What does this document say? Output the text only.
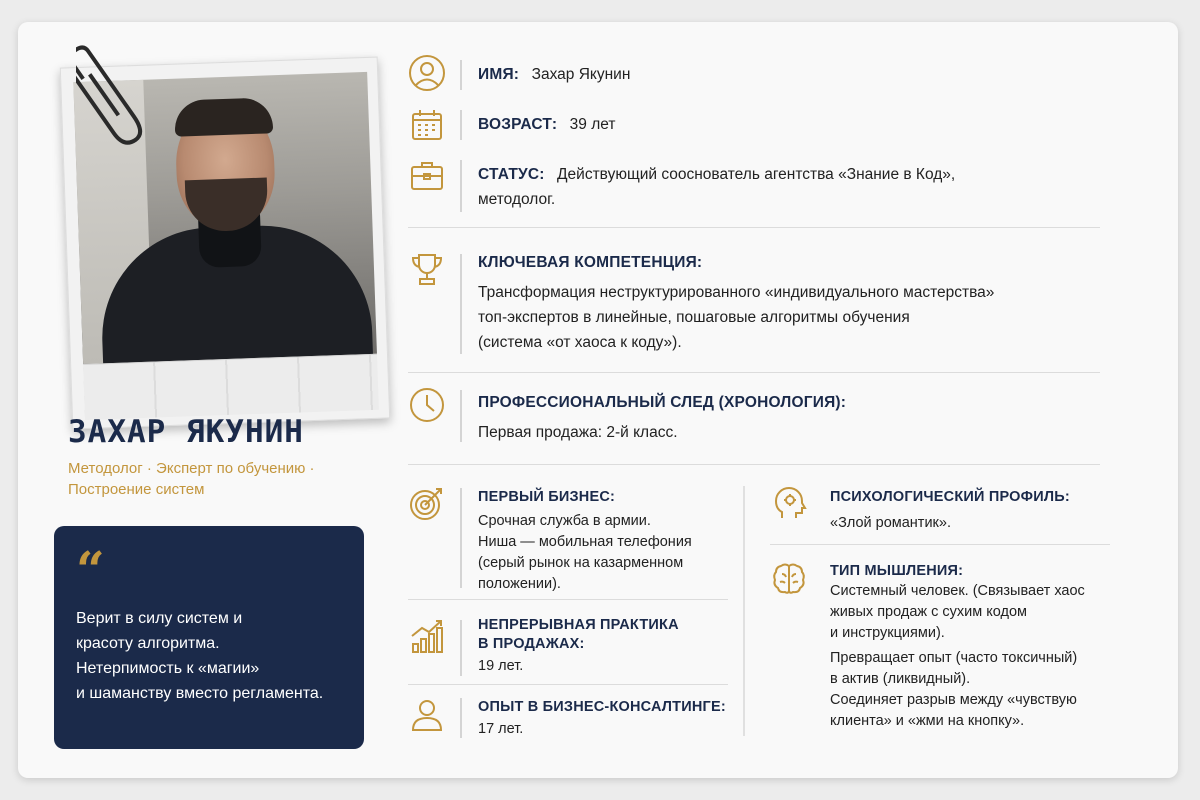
ЗАХАР ЯКУНИН
Методолог · Эксперт по обучению ·
Построение систем
“
Верит в силу систем и
красоту алгоритма.
Нетерпимость к «магии»
и шаманству вместо регламента.
ИМЯ: Захар Якунин
ВОЗРАСТ: 39 лет
СТАТУС: Действующий сооснователь агентства «Знание в Код»,
методолог.
КЛЮЧЕВАЯ КОМПЕТЕНЦИЯ:
Трансформация неструктурированного «индивидуального мастерства»
топ-экспертов в линейные, пошаговые алгоритмы обучения
(система «от хаоса к коду»).
ПРОФЕССИОНАЛЬНЫЙ СЛЕД (ХРОНОЛОГИЯ):
Первая продажа: 2-й класс.
ПЕРВЫЙ БИЗНЕС:
Срочная служба в армии.
Ниша — мобильная телефония
(серый рынок на казарменном
положении).
НЕПРЕРЫВНАЯ ПРАКТИКА
В ПРОДАЖАХ:
19 лет.
ОПЫТ В БИЗНЕС-КОНСАЛТИНГЕ:
17 лет.
ПСИХОЛОГИЧЕСКИЙ ПРОФИЛЬ:
«Злой романтик».
ТИП МЫШЛЕНИЯ:
Системный человек. (Связывает хаос
живых продаж с сухим кодом
и инструкциями).
Превращает опыт (часто токсичный)
в актив (ликвидный).
Соединяет разрыв между «чувствую
клиента» и «жми на кнопку».
